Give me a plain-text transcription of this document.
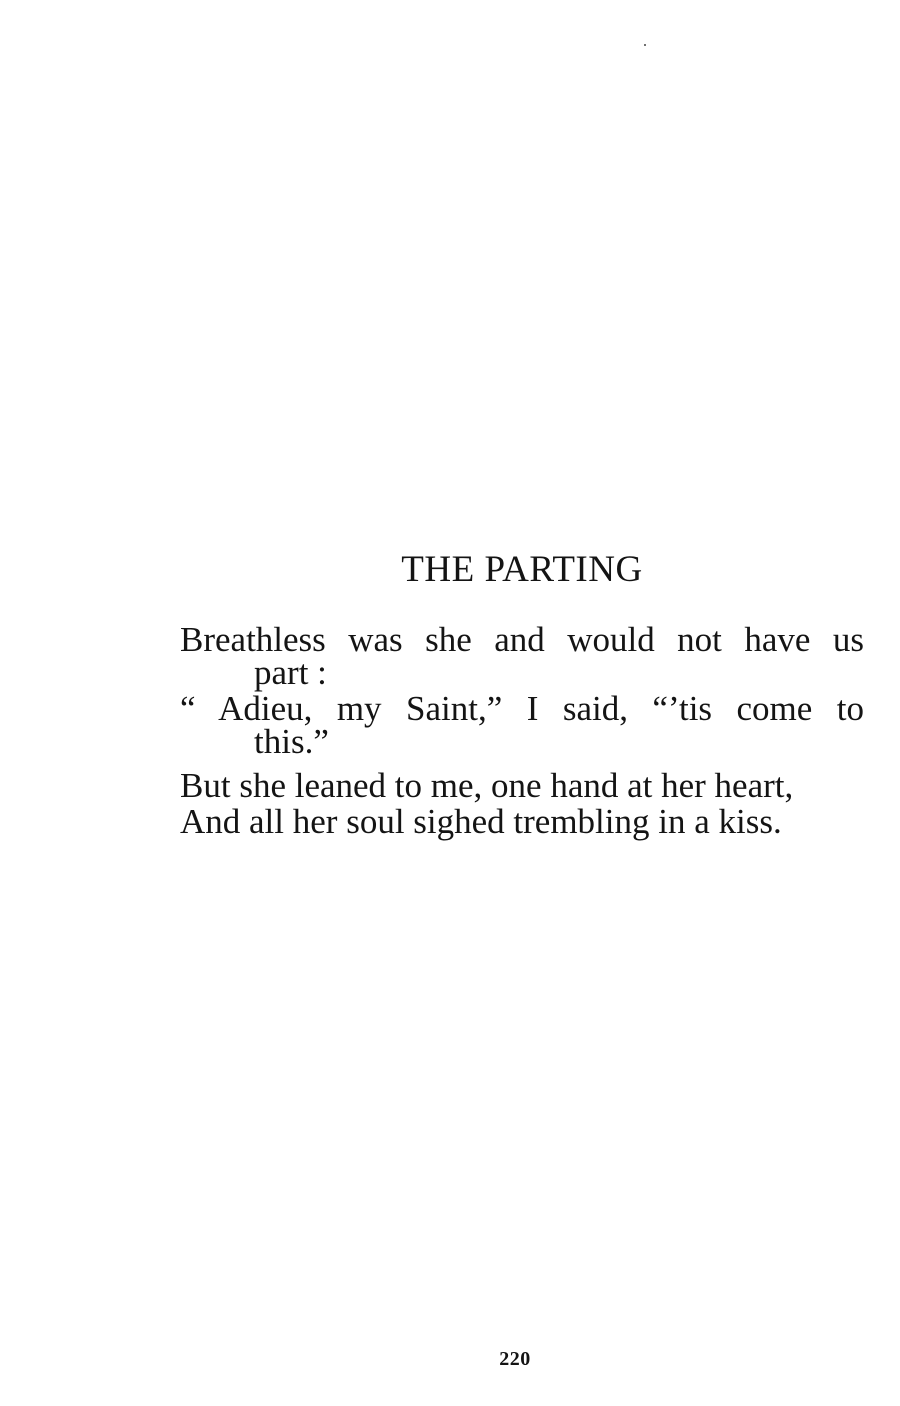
THE PARTING
Breathless was she and would not have us
part :
“ Adieu, my Saint,” I said, “’tis come to
this.”
But she leaned to me, one hand at her heart,
And all her soul sighed trembling in a kiss.
220
